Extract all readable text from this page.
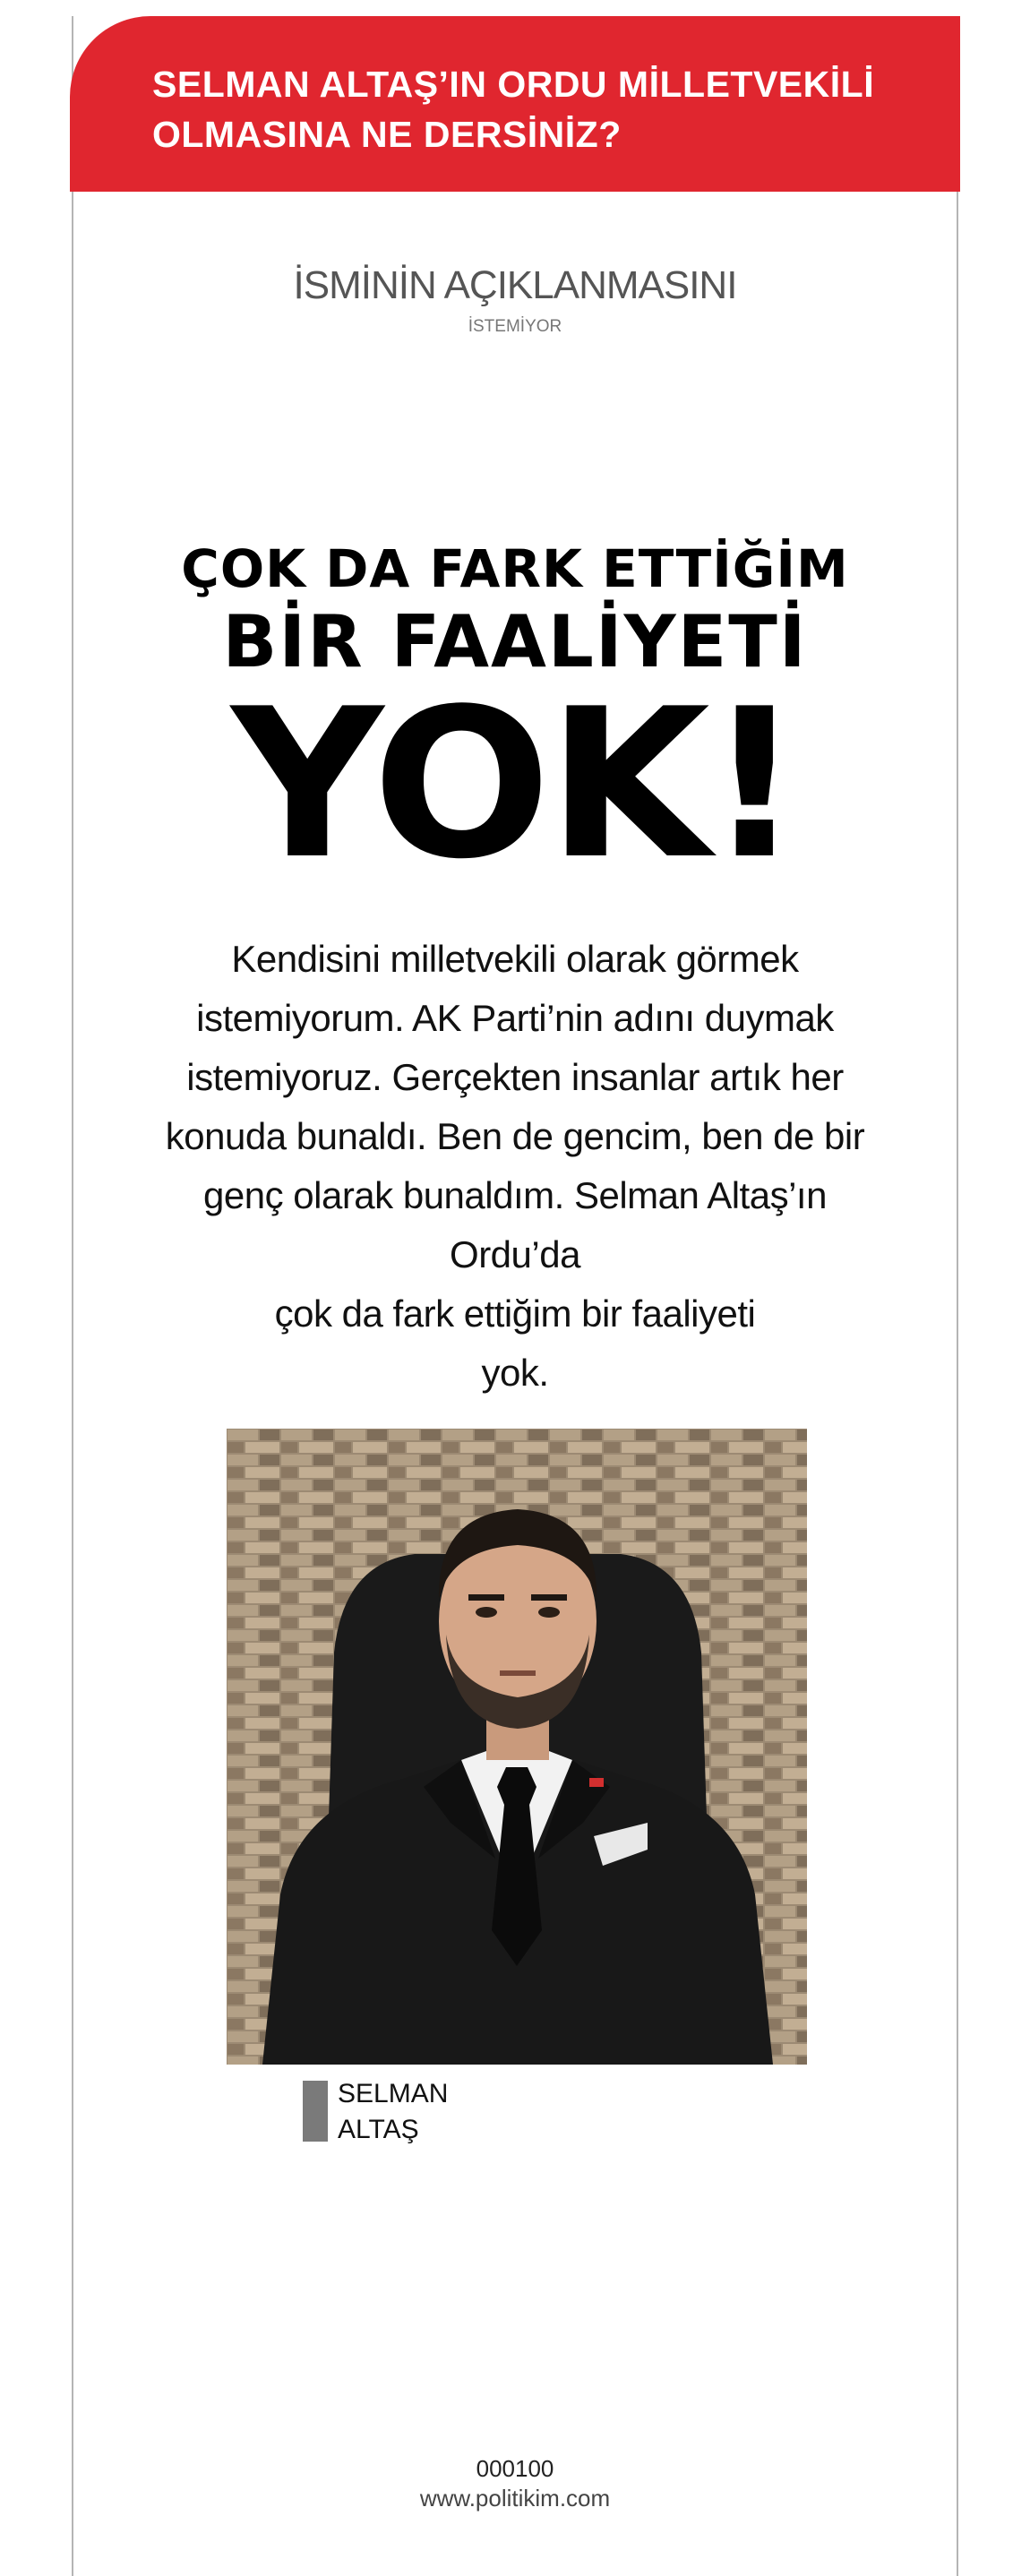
SELMAN ALTAŞ’IN ORDU MİLLETVEKİLİ
OLMASINA NE DERSİNİZ?
İSMİNİN AÇIKLANMASINI
İSTEMİYOR
ÇOK DA FARK ETTİĞİM
BİR FAALİYETİ
YOK!

Kendisini milletvekili olarak görmek
istemiyorum. AK Parti’nin adını duymak
istemiyoruz. Gerçekten insanlar artık her
konuda bunaldı. Ben de gencim, ben de bir
genç olarak bunaldım. Selman Altaş’ın Ordu’da
çok da fark ettiğim bir faaliyeti
yok.

SELMAN
ALTAŞ

000100
www.politikim.com
